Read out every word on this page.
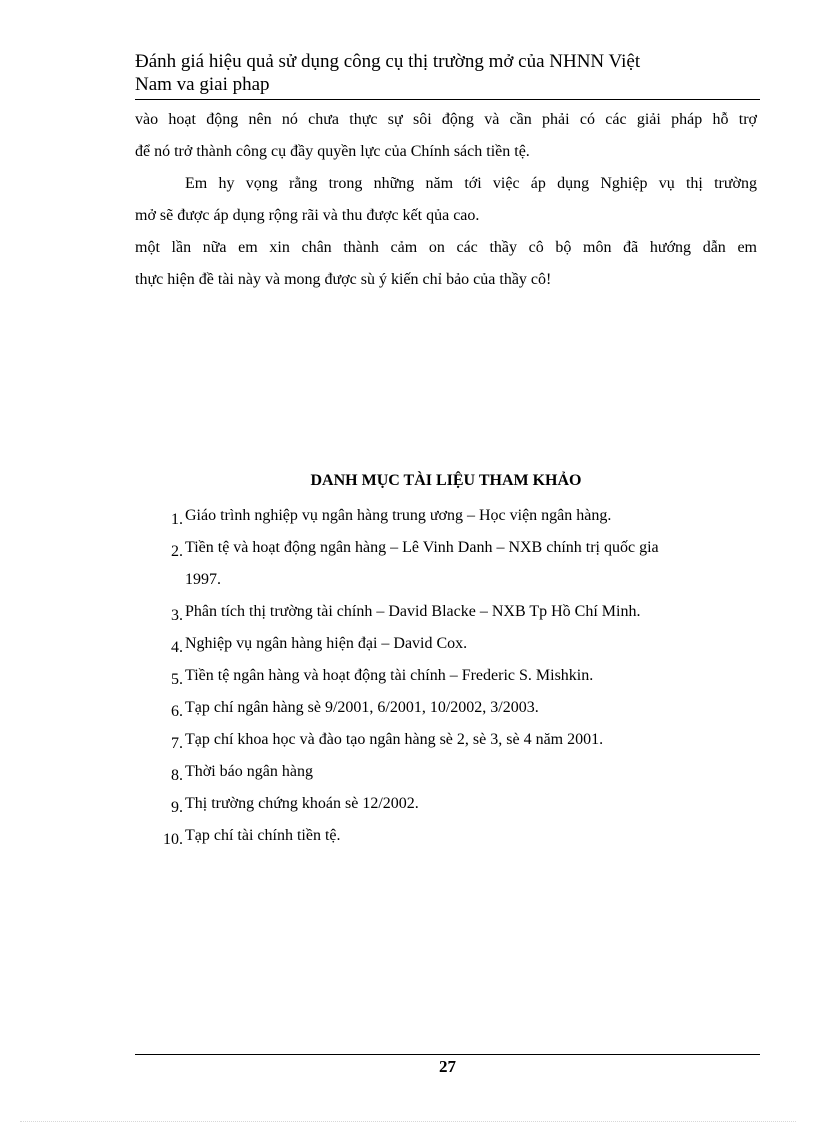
Đánh giá hiệu quả sử dụng công cụ thị trường mở của NHNN Việt
Nam va giai phap

vào hoạt động nên nó chưa thực sự sôi động và cần phải có các giải pháp hỗ trợ

để nó trở thành công cụ đầy quyền lực của Chính sách tiền tệ.

Em hy vọng rằng trong những năm tới việc áp dụng Nghiệp vụ thị trường

mở sẽ được áp dụng rộng rãi và thu được kết qủa cao.

một lần nữa em xin chân thành cảm on các thầy cô bộ môn đã hướng dẫn em

thực hiện đề tài này và mong được sù ý kiến chỉ bảo của thầy cô!

DANH MỤC TÀI LIỆU THAM KHẢO
1. Giáo trình nghiệp vụ ngân hàng trung ương – Học viện ngân hàng.
2. Tiền tệ và hoạt động ngân hàng – Lê Vinh Danh – NXB chính trị quốc gia
1997.
3. Phân tích thị trường tài chính – David Blacke – NXB Tp Hồ Chí Minh.
4. Nghiệp vụ ngân hàng hiện đại – David Cox.
5. Tiền tệ ngân hàng và hoạt động tài chính – Frederic S. Mishkin.
6. Tạp chí ngân hàng sè 9/2001, 6/2001, 10/2002, 3/2003.
7. Tạp chí khoa học và đào tạo ngân hàng sè 2, sè 3, sè 4 năm 2001.
8. Thời báo ngân hàng
9. Thị trường chứng khoán sè 12/2002.
10. Tạp chí tài chính tiền tệ.
27
